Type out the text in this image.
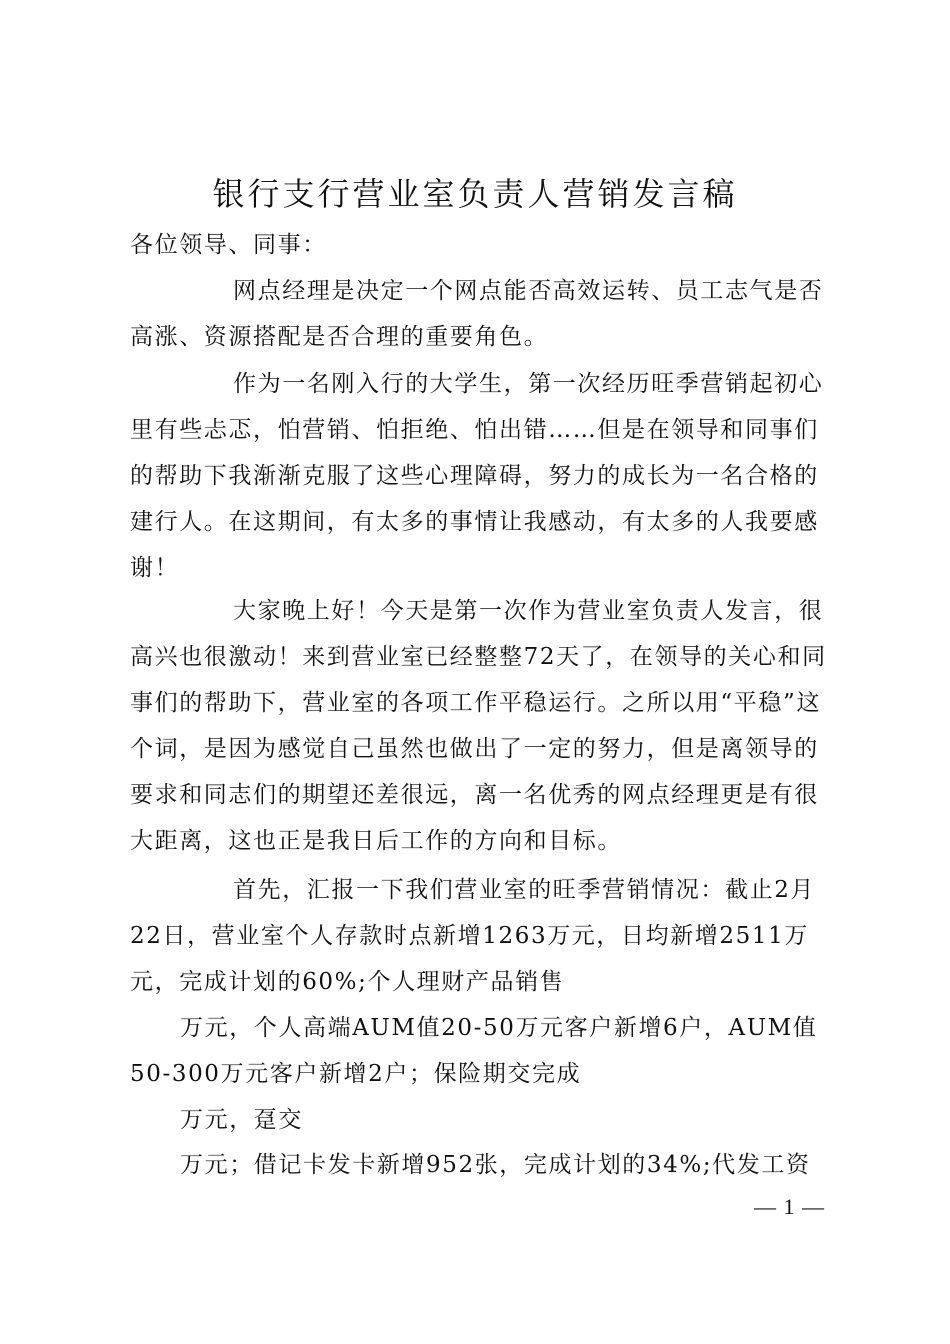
银行支行营业室负责人营销发言稿

各位领导、同事：

网点经理是决定一个网点能否高效运转、员工志气是否高涨、资源搭配是否合理的重要角色。

作为一名刚入行的大学生，第一次经历旺季营销起初心里有些忐忑，怕营销、怕拒绝、怕出错……但是在领导和同事们的帮助下我渐渐克服了这些心理障碍，努力的成长为一名合格的建行人。在这期间，有太多的事情让我感动，有太多的人我要感谢！

大家晚上好！今天是第一次作为营业室负责人发言，很高兴也很激动！来到营业室已经整整72天了，在领导的关心和同事们的帮助下，营业室的各项工作平稳运行。之所以用“平稳”这个词，是因为感觉自己虽然也做出了一定的努力，但是离领导的要求和同志们的期望还差很远，离一名优秀的网点经理更是有很大距离，这也正是我日后工作的方向和目标。

首先，汇报一下我们营业室的旺季营销情况：截止2月22日，营业室个人存款时点新增1263万元，日均新增2511万元，完成计划的60%;个人理财产品销售

万元，个人高端AUM值20-50万元客户新增6户，AUM值50-300万元客户新增2户；保险期交完成

万元，趸交

万元；借记卡发卡新增952张，完成计划的34%;代发工资

— 1 —
